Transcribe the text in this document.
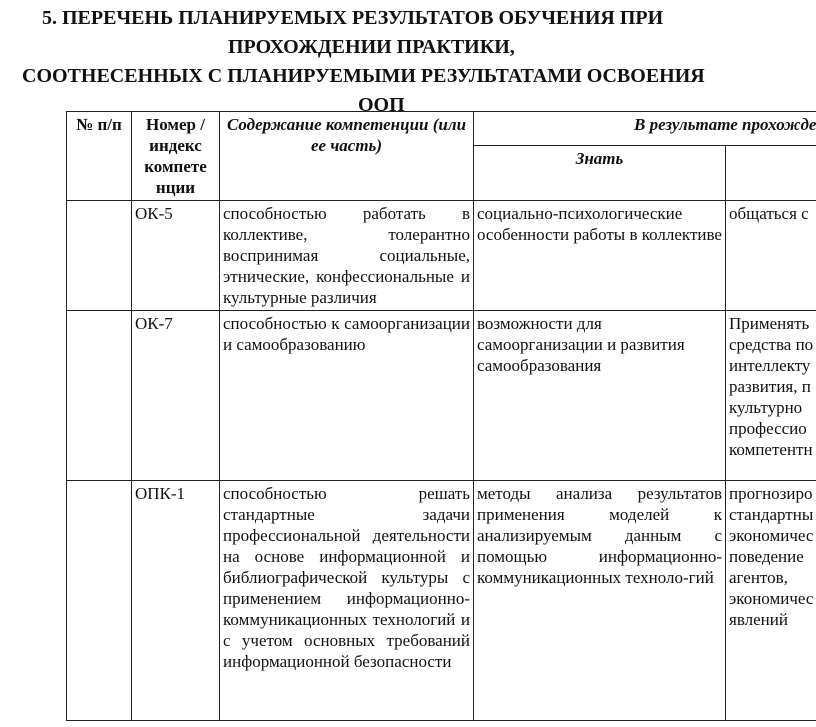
5. ПЕРЕЧЕНЬ ПЛАНИРУЕМЫХ РЕЗУЛЬТАТОВ ОБУЧЕНИЯ ПРИ
ПРОХОЖДЕНИИ ПРАКТИКИ,
СООТНЕСЕННЫХ С ПЛАНИРУЕМЫМИ РЕЗУЛЬТАТАМИ ОСВОЕНИЯ
ООП
№ п/п	Номер /индекс компете нции	Содержание компетенции (или ее часть)	В результате прохожде	
			Знать	
	ОК-5	способностью работать в коллективе, толерантно воспринимая социальные, этнические, конфессиональные и культурные различия	социально-психологические особенности работы в коллективе	общаться с
	ОК-7	способностью к самоорганизации и самообразованию	возможности для самоорганизации и развития самообразования	Применять средства по интеллекту развития, п культурно профессио компетентн
	ОПК-1	способностью решать стандартные задачи профессиональной деятельности на основе информационной и библиографической культуры с применением информационно-коммуникационных технологий и с учетом основных требований информационной безопасности	методы анализа результатов применения моделей к анализируемым данным с помощью информационно-коммуникационных техноло-гий	прогнозиро стандартны экономичес поведение агентов, экономичес явлений
